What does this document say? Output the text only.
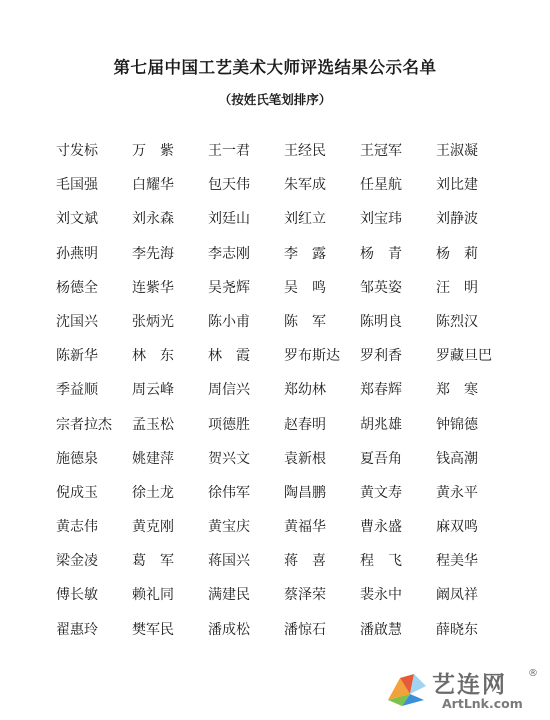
第七届中国工艺美术大师评选结果公示名单
（按姓氏笔划排序）
寸发标	万　紫	王一君	王经民	王冠军	王淑凝
毛国强	白耀华	包天伟	朱军成	任星航	刘比建
刘文斌	刘永森	刘廷山	刘红立	刘宝玮	刘静波
孙燕明	李先海	李志刚	李　露	杨　青	杨　莉
杨德全	连紫华	吴尧辉	吴　鸣	邹英姿	汪　明
沈国兴	张炳光	陈小甫	陈　军	陈明良	陈烈汉
陈新华	林　东	林　霞	罗布斯达	罗利香	罗藏旦巴
季益顺	周云峰	周信兴	郑幼林	郑春辉	郑　寒
宗者拉杰	孟玉松	项德胜	赵春明	胡兆雄	钟锦德
施德泉	姚建萍	贺兴文	袁新根	夏吾角	钱高潮
倪成玉	徐土龙	徐伟军	陶昌鹏	黄文寿	黄永平
黄志伟	黄克刚	黄宝庆	黄福华	曹永盛	麻双鸣
梁金凌	葛　军	蒋国兴	蒋　喜	程　飞	程美华
傅长敏	赖礼同	满建民	蔡泽荣	裴永中	阚凤祥
翟惠玲	樊军民	潘成松	潘惊石	潘啟慧	薛晓东
艺连网 ®
ArtLnk.com
